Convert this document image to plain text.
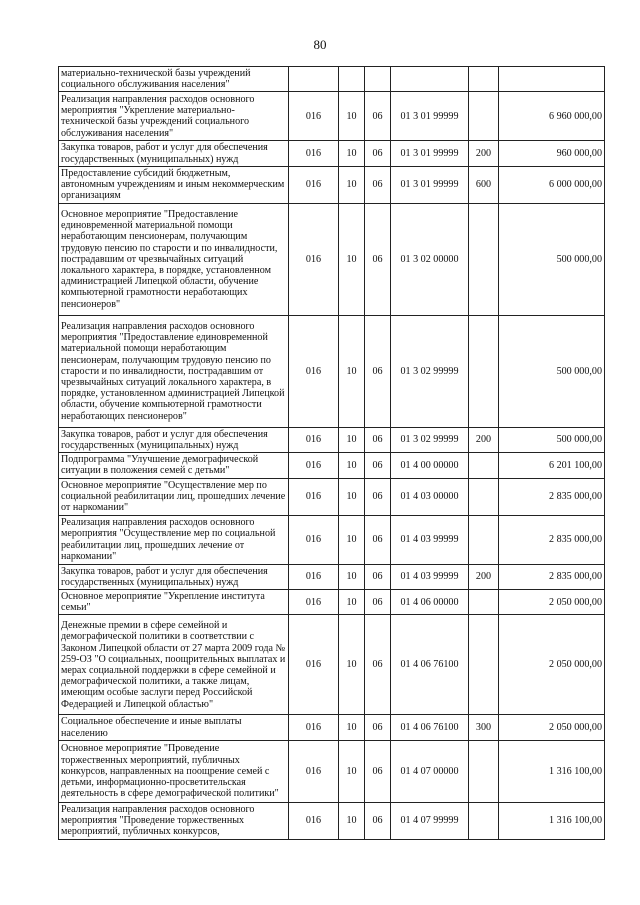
80
материально-технической базы учреждений социального обслуживания населения"						
Реализация направления расходов основного мероприятия "Укрепление материально-технической базы учреждений социального обслуживания населения"	016	10	06	01 3 01 99999		6 960 000,00
Закупка товаров, работ и услуг для обеспечения государственных (муниципальных) нужд	016	10	06	01 3 01 99999	200	960 000,00
Предоставление субсидий бюджетным, автономным учреждениям и иным некоммерческим организациям	016	10	06	01 3 01 99999	600	6 000 000,00
Основное мероприятие "Предоставление единовременной материальной помощи неработающим пенсионерам, получающим трудовую пенсию по старости и по инвалидности, пострадавшим от чрезвычайных ситуаций локального характера, в порядке, установленном администрацией Липецкой области, обучение компьютерной грамотности неработающих пенсионеров"	016	10	06	01 3 02 00000		500 000,00
Реализация направления расходов основного мероприятия "Предоставление единовременной материальной помощи неработающим пенсионерам, получающим трудовую пенсию по старости и по инвалидности, пострадавшим от чрезвычайных ситуаций локального характера, в порядке, установленном администрацией Липецкой области, обучение компьютерной грамотности неработающих пенсионеров"	016	10	06	01 3 02 99999		500 000,00
Закупка товаров, работ и услуг для обеспечения государственных (муниципальных) нужд	016	10	06	01 3 02 99999	200	500 000,00
Подпрограмма "Улучшение демографической ситуации в положения семей с детьми"	016	10	06	01 4 00 00000		6 201 100,00
Основное мероприятие "Осуществление мер по социальной реабилитации лиц, прошедших лечение от наркомании"	016	10	06	01 4 03 00000		2 835 000,00
Реализация направления расходов основного мероприятия "Осуществление мер по социальной реабилитации лиц, прошедших лечение от наркомании"	016	10	06	01 4 03 99999		2 835 000,00
Закупка товаров, работ и услуг для обеспечения государственных (муниципальных) нужд	016	10	06	01 4 03 99999	200	2 835 000,00
Основное мероприятие "Укрепление института семьи"	016	10	06	01 4 06 00000		2 050 000,00
Денежные премии в сфере семейной и демографической политики в соответствии с Законом Липецкой области от 27 марта 2009 года № 259-ОЗ "О социальных, поощрительных выплатах и мерах социальной поддержки в сфере семейной и демографической политики, а также лицам, имеющим особые заслуги перед Российской Федерацией и Липецкой областью"	016	10	06	01 4 06 76100		2 050 000,00
Социальное обеспечение и иные выплаты населению	016	10	06	01 4 06 76100	300	2 050 000,00
Основное мероприятие "Проведение торжественных мероприятий, публичных конкурсов, направленных на поощрение семей с детьми, информационно-просветительская деятельность в сфере демографической политики"	016	10	06	01 4 07 00000		1 316 100,00
Реализация направления расходов основного мероприятия "Проведение торжественных мероприятий, публичных конкурсов,	016	10	06	01 4 07 99999		1 316 100,00
